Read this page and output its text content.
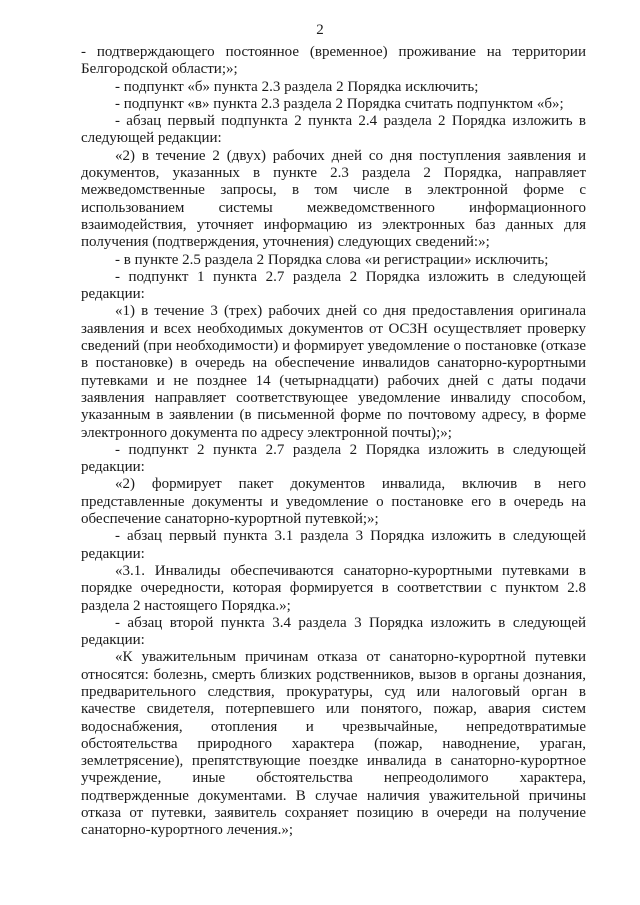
2

- подтверждающего постоянное (временное) проживание на территории Белгородской области;»;

- подпункт «б» пункта 2.3 раздела 2 Порядка исключить;

- подпункт «в» пункта 2.3 раздела 2 Порядка считать подпунктом «б»;

- абзац первый подпункта 2 пункта 2.4 раздела 2 Порядка изложить в следующей редакции:

«2) в течение 2 (двух) рабочих дней со дня поступления заявления и документов, указанных в пункте 2.3 раздела 2 Порядка, направляет межведомственные запросы, в том числе в электронной форме с использованием системы межведомственного информационного взаимодействия, уточняет информацию из электронных баз данных для получения (подтверждения, уточнения) следующих сведений:»;

- в пункте 2.5 раздела 2 Порядка слова «и регистрации» исключить;

- подпункт 1 пункта 2.7 раздела 2 Порядка изложить в следующей редакции:

«1) в течение 3 (трех) рабочих дней со дня предоставления оригинала заявления и всех необходимых документов от ОСЗН осуществляет проверку сведений (при необходимости) и формирует уведомление о постановке (отказе в постановке) в очередь на обеспечение инвалидов санаторно-курортными путевками и не позднее 14 (четырнадцати) рабочих дней с даты подачи заявления направляет соответствующее уведомление инвалиду способом, указанным в заявлении (в письменной форме по почтовому адресу, в форме электронного документа по адресу электронной почты);»;

- подпункт 2 пункта 2.7 раздела 2 Порядка изложить в следующей редакции:

«2) формирует пакет документов инвалида, включив в него представленные документы и уведомление о постановке его в очередь на обеспечение санаторно-курортной путевкой;»;

- абзац первый пункта 3.1 раздела 3 Порядка изложить в следующей редакции:

«3.1. Инвалиды обеспечиваются санаторно-курортными путевками в порядке очередности, которая формируется в соответствии с пунктом 2.8 раздела 2 настоящего Порядка.»;

- абзац второй пункта 3.4 раздела 3 Порядка изложить в следующей редакции:

«К уважительным причинам отказа от санаторно-курортной путевки относятся: болезнь, смерть близких родственников, вызов в органы дознания, предварительного следствия, прокуратуры, суд или налоговый орган в качестве свидетеля, потерпевшего или понятого, пожар, авария систем водоснабжения, отопления и чрезвычайные, непредотвратимые обстоятельства природного характера (пожар, наводнение, ураган, землетрясение), препятствующие поездке инвалида в санаторно-курортное учреждение, иные обстоятельства непреодолимого характера, подтвержденные документами. В случае наличия уважительной причины отказа от путевки, заявитель сохраняет позицию в очереди на получение санаторно-курортного лечения.»;
